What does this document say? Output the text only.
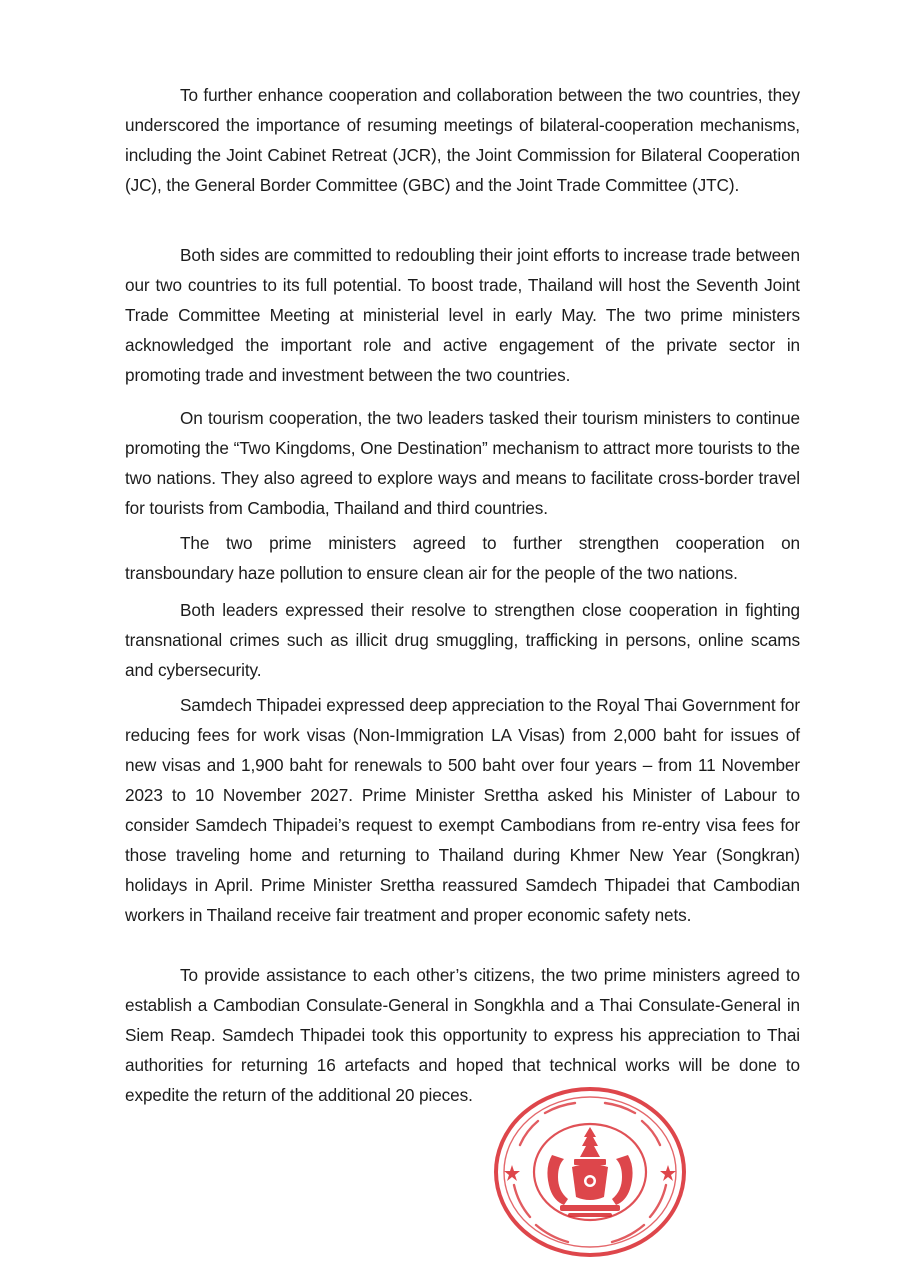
To further enhance cooperation and collaboration between the two countries, they underscored the importance of resuming meetings of bilateral-cooperation mechanisms, including the Joint Cabinet Retreat (JCR), the Joint Commission for Bilateral Cooperation (JC), the General Border Committee (GBC) and the Joint Trade Committee (JTC).

Both sides are committed to redoubling their joint efforts to increase trade between our two countries to its full potential. To boost trade, Thailand will host the Seventh Joint Trade Committee Meeting at ministerial level in early May. The two prime ministers acknowledged the important role and active engagement of the private sector in promoting trade and investment between the two countries.

On tourism cooperation, the two leaders tasked their tourism ministers to continue promoting the “Two Kingdoms, One Destination” mechanism to attract more tourists to the two nations. They also agreed to explore ways and means to facilitate cross-border travel for tourists from Cambodia, Thailand and third countries.

The two prime ministers agreed to further strengthen cooperation on transboundary haze pollution to ensure clean air for the people of the two nations.

Both leaders expressed their resolve to strengthen close cooperation in fighting transnational crimes such as illicit drug smuggling, trafficking in persons, online scams and cybersecurity.

Samdech Thipadei expressed deep appreciation to the Royal Thai Government for reducing fees for work visas (Non-Immigration LA Visas) from 2,000 baht for issues of new visas and 1,900 baht for renewals to 500 baht over four years – from 11 November 2023 to 10 November 2027. Prime Minister Srettha asked his Minister of Labour to consider Samdech Thipadei’s request to exempt Cambodians from re-entry visa fees for those traveling home and returning to Thailand during Khmer New Year (Songkran) holidays in April. Prime Minister Srettha reassured Samdech Thipadei that Cambodian workers in Thailand receive fair treatment and proper economic safety nets.

To provide assistance to each other’s citizens, the two prime ministers agreed to establish a Cambodian Consulate-General in Songkhla and a Thai Consulate-General in Siem Reap. Samdech Thipadei took this opportunity to express his appreciation to Thai authorities for returning 16 artefacts and hoped that technical works will be done to expedite the return of the additional 20 pieces.
